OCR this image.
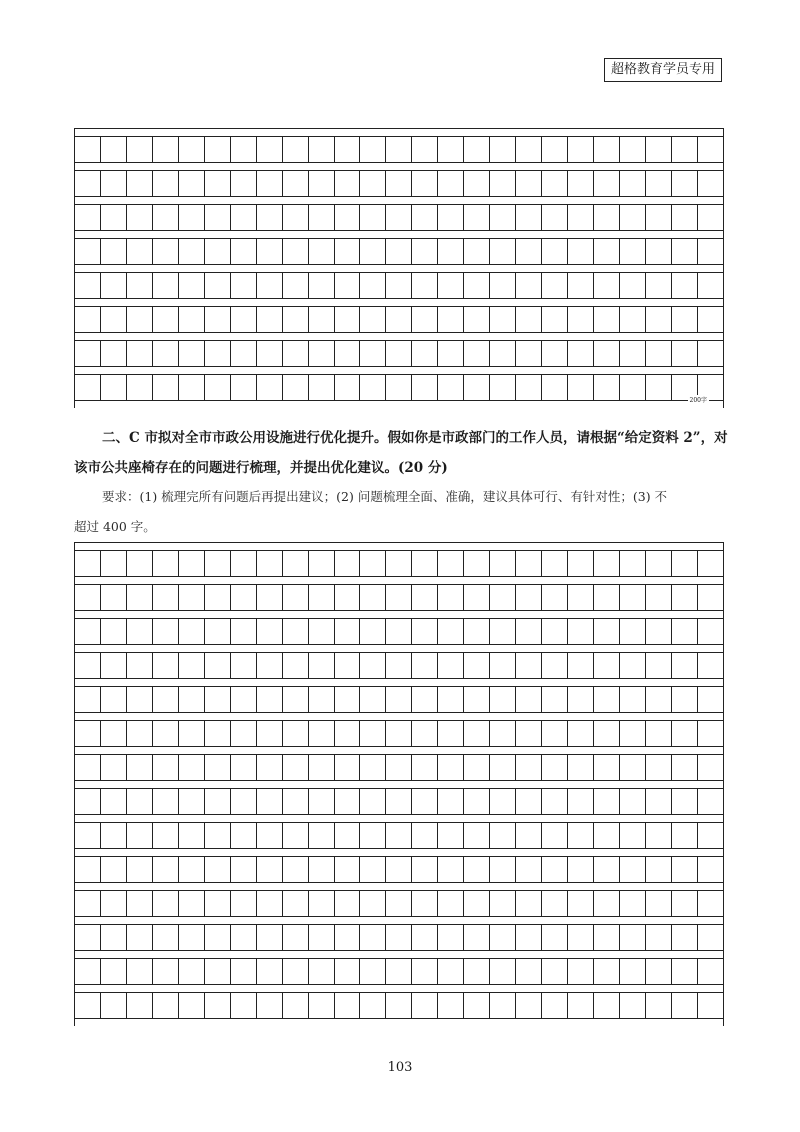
超格教育学员专用
200字
二、C 市拟对全市市政公用设施进行优化提升。假如你是市政部门的工作人员，请根据“给定资料 2”，对
该市公共座椅存在的问题进行梳理，并提出优化建议。(20 分)
要求：(1) 梳理完所有问题后再提出建议；(2) 问题梳理全面、准确，建议具体可行、有针对性；(3) 不
超过 400 字。
103
